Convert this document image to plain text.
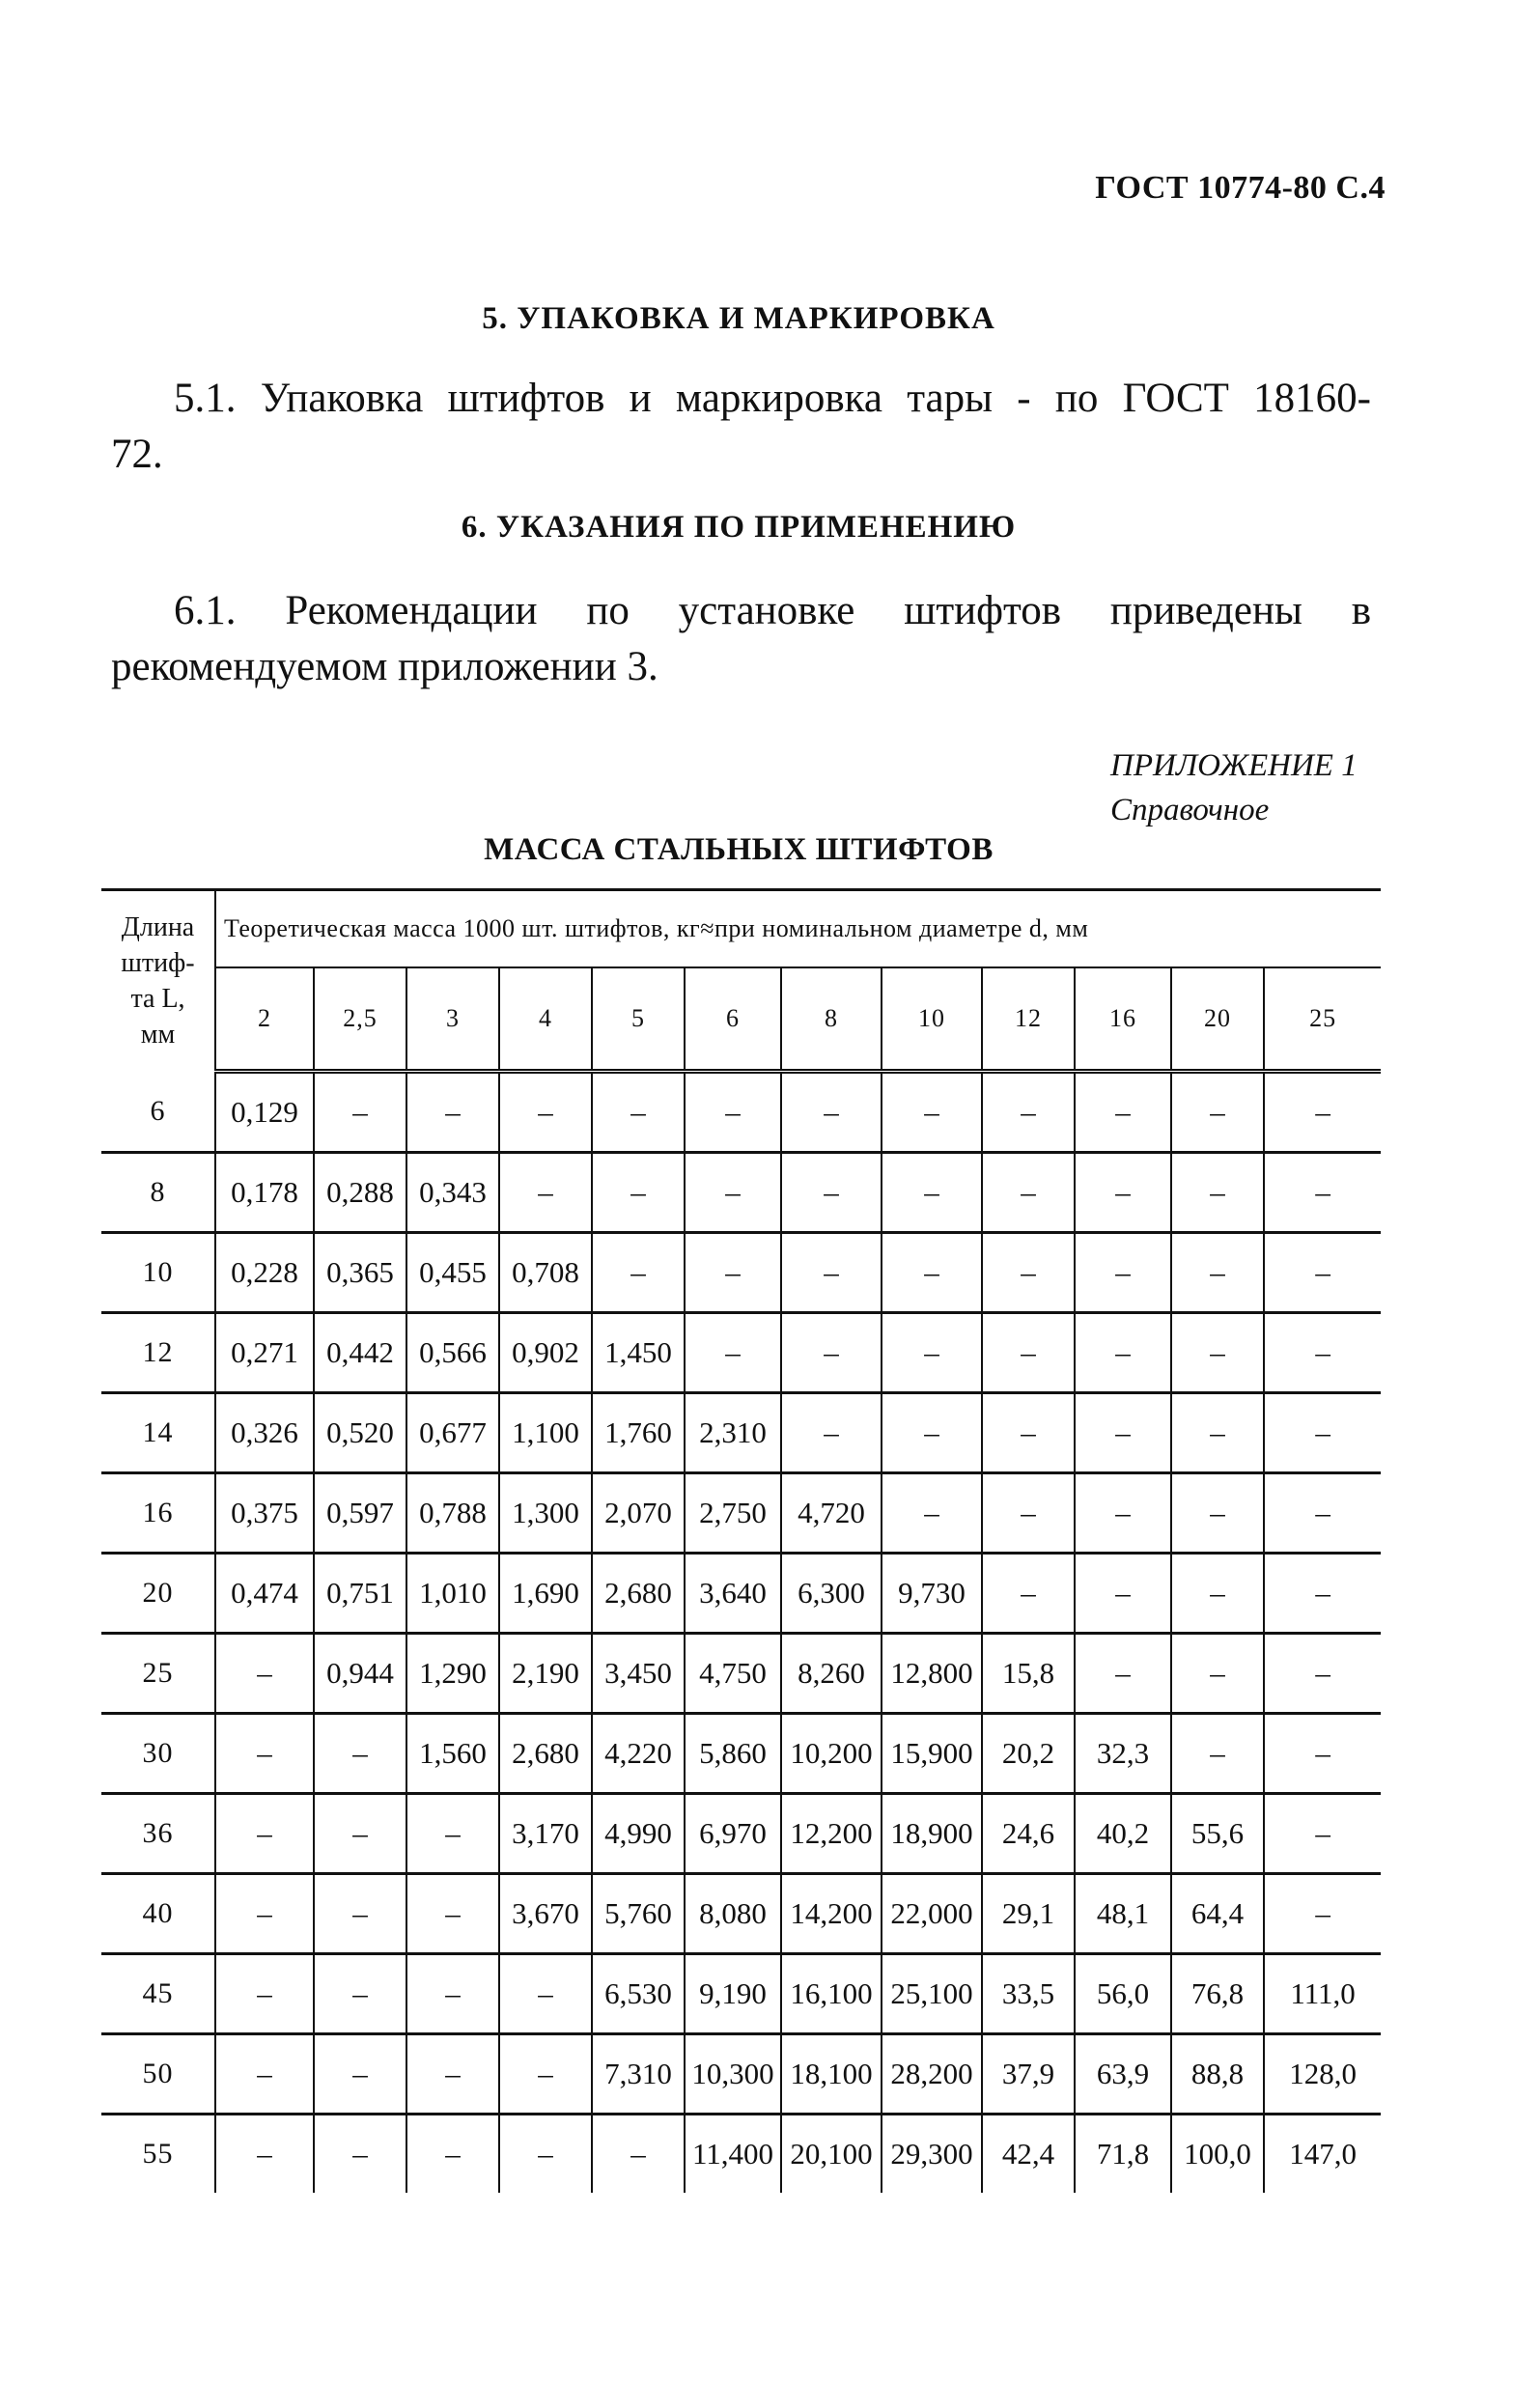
ГОСТ 10774-80 С.4
5. УПАКОВКА И МАРКИРОВКА
5.1. Упаковка штифтов и маркировка тары - по ГОСТ 18160-
72.
6. УКАЗАНИЯ ПО ПРИМЕНЕНИЮ
6.1. Рекомендации по установке штифтов приведены в
рекомендуемом приложении 3.
ПРИЛОЖЕНИЕ 1
Справочное
МАССА СТАЛЬНЫХ ШТИФТОВ
Длина
штиф-
та L,
мм	Теоретическая масса 1000 шт. штифтов, кг≈при номинальном диаметре d, мм											
	2	2,5	3	4	5	6	8	10	12	16	20	25
6	0,129	–	–	–	–	–	–	–	–	–	–	–
8	0,178	0,288	0,343	–	–	–	–	–	–	–	–	–
10	0,228	0,365	0,455	0,708	–	–	–	–	–	–	–	–
12	0,271	0,442	0,566	0,902	1,450	–	–	–	–	–	–	–
14	0,326	0,520	0,677	1,100	1,760	2,310	–	–	–	–	–	–
16	0,375	0,597	0,788	1,300	2,070	2,750	4,720	–	–	–	–	–
20	0,474	0,751	1,010	1,690	2,680	3,640	6,300	9,730	–	–	–	–
25	–	0,944	1,290	2,190	3,450	4,750	8,260	12,800	15,8	–	–	–
30	–	–	1,560	2,680	4,220	5,860	10,200	15,900	20,2	32,3	–	–
36	–	–	–	3,170	4,990	6,970	12,200	18,900	24,6	40,2	55,6	–
40	–	–	–	3,670	5,760	8,080	14,200	22,000	29,1	48,1	64,4	–
45	–	–	–	–	6,530	9,190	16,100	25,100	33,5	56,0	76,8	111,0
50	–	–	–	–	7,310	10,300	18,100	28,200	37,9	63,9	88,8	128,0
55	–	–	–	–	–	11,400	20,100	29,300	42,4	71,8	100,0	147,0
